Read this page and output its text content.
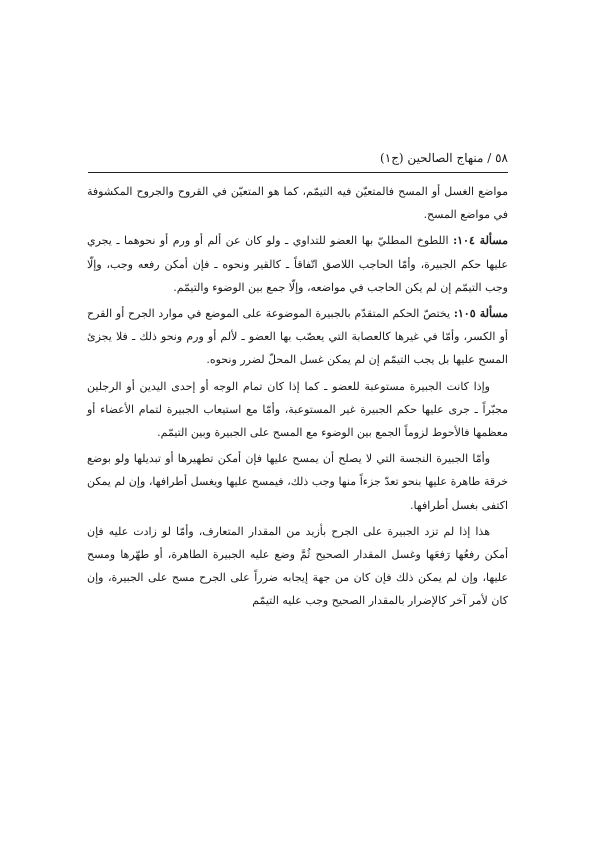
٥٨ / منهاج الصالحين (ج١)

مواضع الغسل أو المسح فالمتعيّن فيه التيمّم، كما هو المتعيّن في القروح والجروح المكشوفة في مواضع المسح.

مسألة ١٠٤: اللطوخ المطليّ بها العضو للتداوي ـ ولو كان عن ألم أو ورم أو نحوهما ـ يجري عليها حكم الجبيرة، وأمّا الحاجب اللاصق اتّفاقاً ـ كالقير ونحوه ـ فإن أمكن رفعه وجب، وإلّا وجب التيمّم إن لم يكن الحاجب في مواضعه، وإلّا جمع بين الوضوء والتيمّم.

مسألة ١٠٥: يختصّ الحكم المتقدّم بالجبيرة الموضوعة على الموضع في موارد الجرح أو القرح أو الكسر، وأمّا في غيرها كالعصابة التي يعصّب بها العضو ـ لألم أو ورم ونحو ذلك ـ فلا يجزئ المسح عليها بل يجب التيمّم إن لم يمكن غسل المحلّ لضرر ونحوه.

وإذا كانت الجبيرة مستوعبة للعضو ـ كما إذا كان تمام الوجه أو إحدى اليدين أو الرجلين مجبّراً ـ جرى عليها حكم الجبيرة غير المستوعبة، وأمّا مع استيعاب الجبيرة لتمام الأعضاء أو معظمها فالأحوط لزوماً الجمع بين الوضوء مع المسح على الجبيرة وبين التيمّم.

وأمّا الجبيرة النجسة التي لا يصلح أن يمسح عليها فإن أمكن تطهيرها أو تبديلها ولو بوضع خرقة طاهرة عليها بنحو تعدّ جزءاً منها وجب ذلك، فيمسح عليها ويغسل أطرافها، وإن لم يمكن اكتفى بغسل أطرافها.

هذا إذا لم تزد الجبيرة على الجرح بأزيد من المقدار المتعارف، وأمّا لو زادت عليه فإن أمكن رفعُها رَفعَها وغسل المقدار الصحيح ثُمَّ وضع عليه الجبيرة الطاهرة، أو طهّرها ومسح عليها، وإن لم يمكن ذلك فإن كان من جهة إيجابه ضرراً على الجرح مسح على الجبيرة، وإن كان لأمر آخر كالإضرار بالمقدار الصحيح وجب عليه التيمّم
